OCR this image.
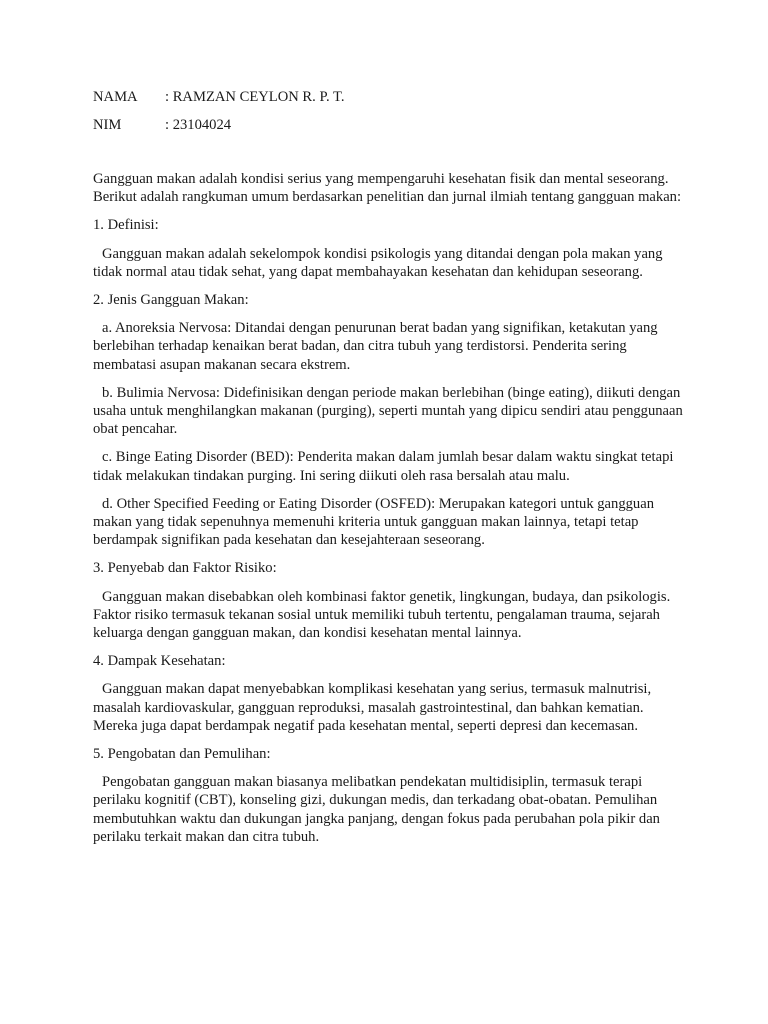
NAMA	: RAMZAN CEYLON R. P. T.
NIM	: 23104024

Gangguan makan adalah kondisi serius yang mempengaruhi kesehatan fisik dan mental seseorang. Berikut adalah rangkuman umum berdasarkan penelitian dan jurnal ilmiah tentang gangguan makan:

1. Definisi:

Gangguan makan adalah sekelompok kondisi psikologis yang ditandai dengan pola makan yang tidak normal atau tidak sehat, yang dapat membahayakan kesehatan dan kehidupan seseorang.

2. Jenis Gangguan Makan:

a. Anoreksia Nervosa: Ditandai dengan penurunan berat badan yang signifikan, ketakutan yang berlebihan terhadap kenaikan berat badan, dan citra tubuh yang terdistorsi. Penderita sering membatasi asupan makanan secara ekstrem.

b. Bulimia Nervosa: Didefinisikan dengan periode makan berlebihan (binge eating), diikuti dengan usaha untuk menghilangkan makanan (purging), seperti muntah yang dipicu sendiri atau penggunaan obat pencahar.

c. Binge Eating Disorder (BED): Penderita makan dalam jumlah besar dalam waktu singkat tetapi tidak melakukan tindakan purging. Ini sering diikuti oleh rasa bersalah atau malu.

d. Other Specified Feeding or Eating Disorder (OSFED): Merupakan kategori untuk gangguan makan yang tidak sepenuhnya memenuhi kriteria untuk gangguan makan lainnya, tetapi tetap berdampak signifikan pada kesehatan dan kesejahteraan seseorang.

3. Penyebab dan Faktor Risiko:

Gangguan makan disebabkan oleh kombinasi faktor genetik, lingkungan, budaya, dan psikologis. Faktor risiko termasuk tekanan sosial untuk memiliki tubuh tertentu, pengalaman trauma, sejarah keluarga dengan gangguan makan, dan kondisi kesehatan mental lainnya.

4. Dampak Kesehatan:

Gangguan makan dapat menyebabkan komplikasi kesehatan yang serius, termasuk malnutrisi, masalah kardiovaskular, gangguan reproduksi, masalah gastrointestinal, dan bahkan kematian. Mereka juga dapat berdampak negatif pada kesehatan mental, seperti depresi dan kecemasan.

5. Pengobatan dan Pemulihan:

Pengobatan gangguan makan biasanya melibatkan pendekatan multidisiplin, termasuk terapi perilaku kognitif (CBT), konseling gizi, dukungan medis, dan terkadang obat-obatan. Pemulihan membutuhkan waktu dan dukungan jangka panjang, dengan fokus pada perubahan pola pikir dan perilaku terkait makan dan citra tubuh.
